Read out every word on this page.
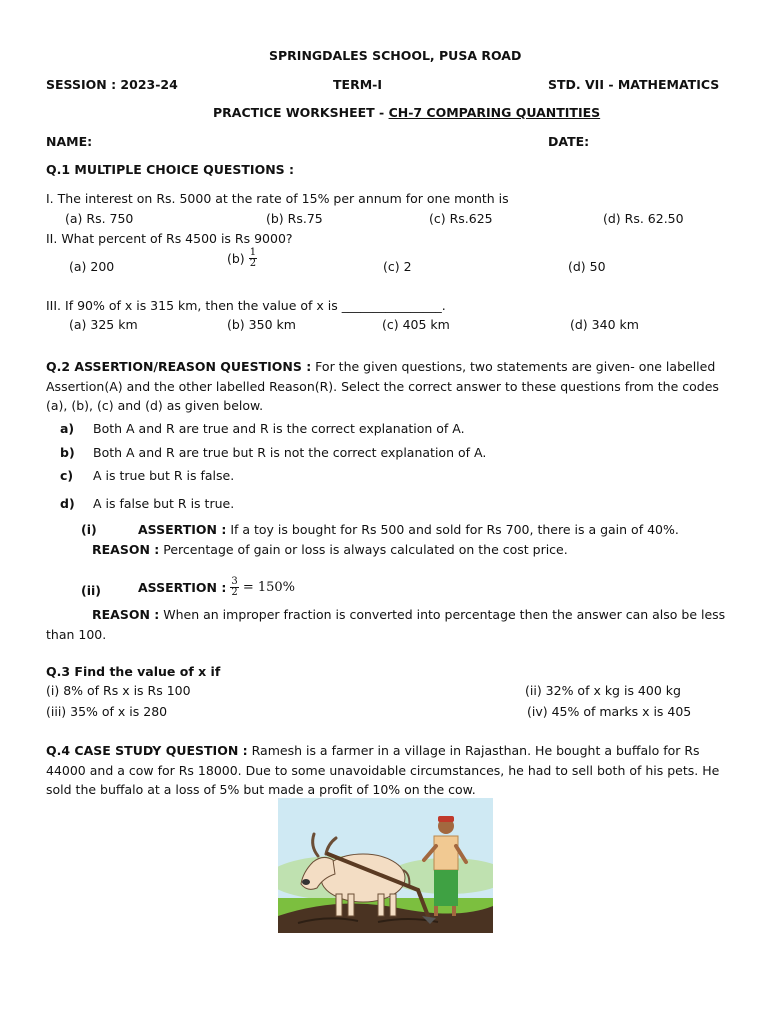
SPRINGDALES SCHOOL, PUSA ROAD
SESSION : 2023-24	TERM-I	STD. VII - MATHEMATICS
PRACTICE WORKSHEET - CH-7 COMPARING QUANTITIES
NAME:	DATE:
Q.1 MULTIPLE CHOICE QUESTIONS :
I. The interest on Rs. 5000 at the rate of 15% per annum for one month is
(a) Rs. 750	(b) Rs.75	(c) Rs.625	(d) Rs. 62.50
II. What percent of Rs 4500 is Rs 9000?
(a) 200
$(b) \frac{1}{2}$	(c) 2	(d) 50
III. If 90% of x is 315 km, then the value of x is ________________.
(a) 325 km	(b) 350 km	(c) 405 km	(d) 340 km
Q.2 ASSERTION/REASON QUESTIONS : For the given questions, two statements are given- one labelled Assertion(A) and the other labelled Reason(R). Select the correct answer to these questions from the codes (a), (b), (c) and (d) as given below.
a) Both A and R are true and R is the correct explanation of A.
b) Both A and R are true but R is not the correct explanation of A.
c) A is true but R is false.
d) A is false but R is true.
(i)	ASSERTION : If a toy is bought for Rs 500 and sold for Rs 700, there is a gain of 40%.
REASON : Percentage of gain or loss is always calculated on the cost price.
(ii)	ASSERTION : $\frac{3}{2} = 150\%$
REASON : When an improper fraction is converted into percentage then the answer can also be less than 100.
Q.3 Find the value of x if
(i) 8% of Rs x is Rs 100	(ii) 32% of x kg is 400 kg
(iii) 35% of x is 280	(iv) 45% of marks x is 405
Q.4 CASE STUDY QUESTION : Ramesh is a farmer in a village in Rajasthan. He bought a buffalo for Rs 44000 and a cow for Rs 18000. Due to some unavoidable circumstances, he had to sell both of his pets. He sold the buffalo at a loss of 5% but made a profit of 10% on the cow.
